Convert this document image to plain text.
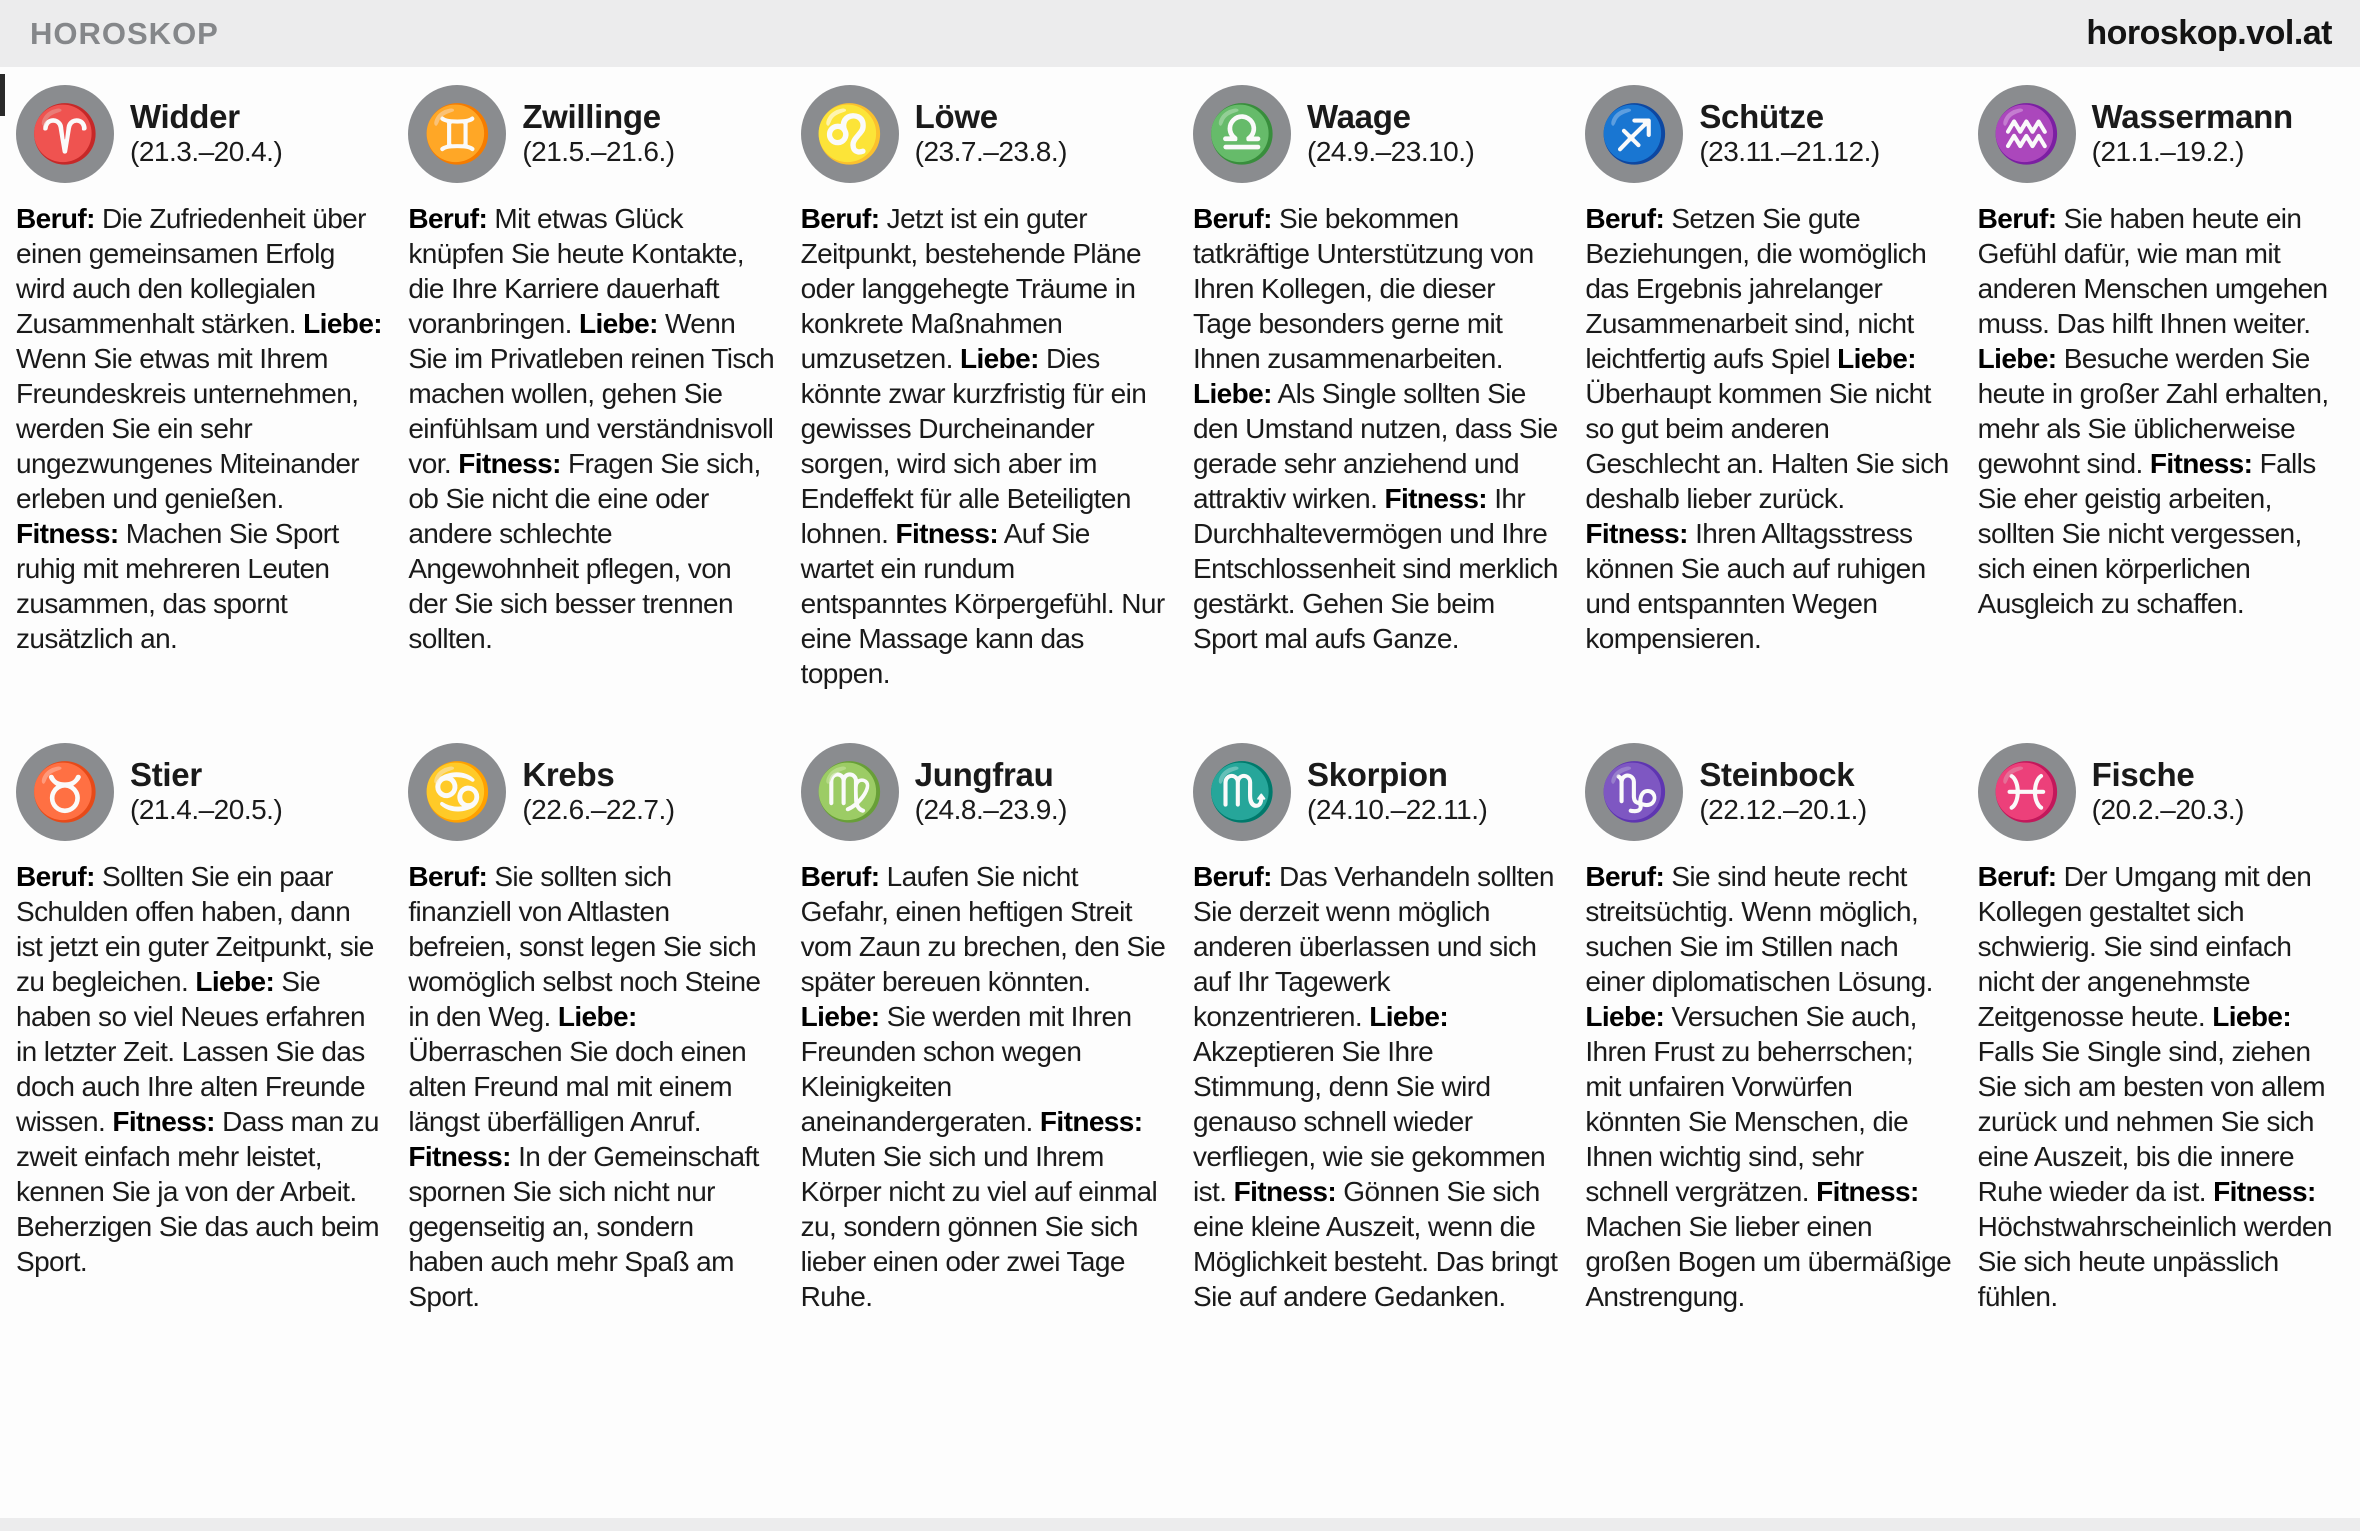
HOROSKOP	horoskop.vol.at
♈ Widder
(21.3.–20.4.)

Beruf: Die Zufriedenheit über einen gemeinsamen Erfolg wird auch den kollegialen Zusammenhalt stärken. Liebe: Wenn Sie etwas mit Ihrem Freundeskreis unternehmen, werden Sie ein sehr ungezwungenes Miteinander erleben und genießen. Fitness: Machen Sie Sport ruhig mit mehreren Leuten zusammen, das spornt zusätzlich an.

♊ Zwillinge
(21.5.–21.6.)

Beruf: Mit etwas Glück knüpfen Sie heute Kontakte, die Ihre Karriere dauerhaft voranbringen. Liebe: Wenn Sie im Privatleben reinen Tisch machen wollen, gehen Sie einfühlsam und verständnisvoll vor. Fitness: Fragen Sie sich, ob Sie nicht die eine oder andere schlechte Angewohnheit pflegen, von der Sie sich besser trennen sollten.

♌ Löwe
(23.7.–23.8.)

Beruf: Jetzt ist ein guter Zeitpunkt, bestehende Pläne oder langgehegte Träume in konkrete Maßnahmen umzusetzen. Liebe: Dies könnte zwar kurzfristig für ein gewisses Durcheinander sorgen, wird sich aber im Endeffekt für alle Beteiligten lohnen. Fitness: Auf Sie wartet ein rundum entspanntes Körpergefühl. Nur eine Massage kann das toppen.

♎ Waage
(24.9.–23.10.)

Beruf: Sie bekommen tatkräftige Unterstützung von Ihren Kollegen, die dieser Tage besonders gerne mit Ihnen zusammenarbeiten. Liebe: Als Single sollten Sie den Umstand nutzen, dass Sie gerade sehr anziehend und attraktiv wirken. Fitness: Ihr Durchhaltevermögen und Ihre Entschlossenheit sind merklich gestärkt. Gehen Sie beim Sport mal aufs Ganze.

♐ Schütze
(23.11.–21.12.)

Beruf: Setzen Sie gute Beziehungen, die womöglich das Ergebnis jahrelanger Zusammenarbeit sind, nicht leichtfertig aufs Spiel Liebe: Überhaupt kommen Sie nicht so gut beim anderen Geschlecht an. Halten Sie sich deshalb lieber zurück. Fitness: Ihren Alltagsstress können Sie auch auf ruhigen und entspannten Wegen kompensieren.

♒ Wassermann
(21.1.–19.2.)

Beruf: Sie haben heute ein Gefühl dafür, wie man mit anderen Menschen umgehen muss. Das hilft Ihnen weiter. Liebe: Besuche werden Sie heute in großer Zahl erhalten, mehr als Sie üblicherweise gewohnt sind. Fitness: Falls Sie eher geistig arbeiten, sollten Sie nicht vergessen, sich einen körperlichen Ausgleich zu schaffen.

♉ Stier
(21.4.–20.5.)

Beruf: Sollten Sie ein paar Schulden offen haben, dann ist jetzt ein guter Zeitpunkt, sie zu begleichen. Liebe: Sie haben so viel Neues erfahren in letzter Zeit. Lassen Sie das doch auch Ihre alten Freunde wissen. Fitness: Dass man zu zweit einfach mehr leistet, kennen Sie ja von der Arbeit. Beherzigen Sie das auch beim Sport.

♋ Krebs
(22.6.–22.7.)

Beruf: Sie sollten sich finanziell von Altlasten befreien, sonst legen Sie sich womöglich selbst noch Steine in den Weg. Liebe: Überraschen Sie doch einen alten Freund mal mit einem längst überfälligen Anruf. Fitness: In der Gemeinschaft spornen Sie sich nicht nur gegenseitig an, sondern haben auch mehr Spaß am Sport.

♍ Jungfrau
(24.8.–23.9.)

Beruf: Laufen Sie nicht Gefahr, einen heftigen Streit vom Zaun zu brechen, den Sie später bereuen könnten. Liebe: Sie werden mit Ihren Freunden schon wegen Kleinigkeiten aneinandergeraten. Fitness: Muten Sie sich und Ihrem Körper nicht zu viel auf einmal zu, sondern gönnen Sie sich lieber einen oder zwei Tage Ruhe.

♏ Skorpion
(24.10.–22.11.)

Beruf: Das Verhandeln sollten Sie derzeit wenn möglich anderen überlassen und sich auf Ihr Tagewerk konzentrieren. Liebe: Akzeptieren Sie Ihre Stimmung, denn Sie wird genauso schnell wieder verfliegen, wie sie gekommen ist. Fitness: Gönnen Sie sich eine kleine Auszeit, wenn die Möglichkeit besteht. Das bringt Sie auf andere Gedanken.

♑ Steinbock
(22.12.–20.1.)

Beruf: Sie sind heute recht streitsüchtig. Wenn möglich, suchen Sie im Stillen nach einer diplomatischen Lösung. Liebe: Versuchen Sie auch, Ihren Frust zu beherrschen; mit unfairen Vorwürfen könnten Sie Menschen, die Ihnen wichtig sind, sehr schnell vergrätzen. Fitness: Machen Sie lieber einen großen Bogen um übermäßige Anstrengung.

♓ Fische
(20.2.–20.3.)

Beruf: Der Umgang mit den Kollegen gestaltet sich schwierig. Sie sind einfach nicht der angenehmste Zeitgenosse heute. Liebe: Falls Sie Single sind, ziehen Sie sich am besten von allem zurück und nehmen Sie sich eine Auszeit, bis die innere Ruhe wieder da ist. Fitness: Höchstwahrscheinlich werden Sie sich heute unpässlich fühlen.
